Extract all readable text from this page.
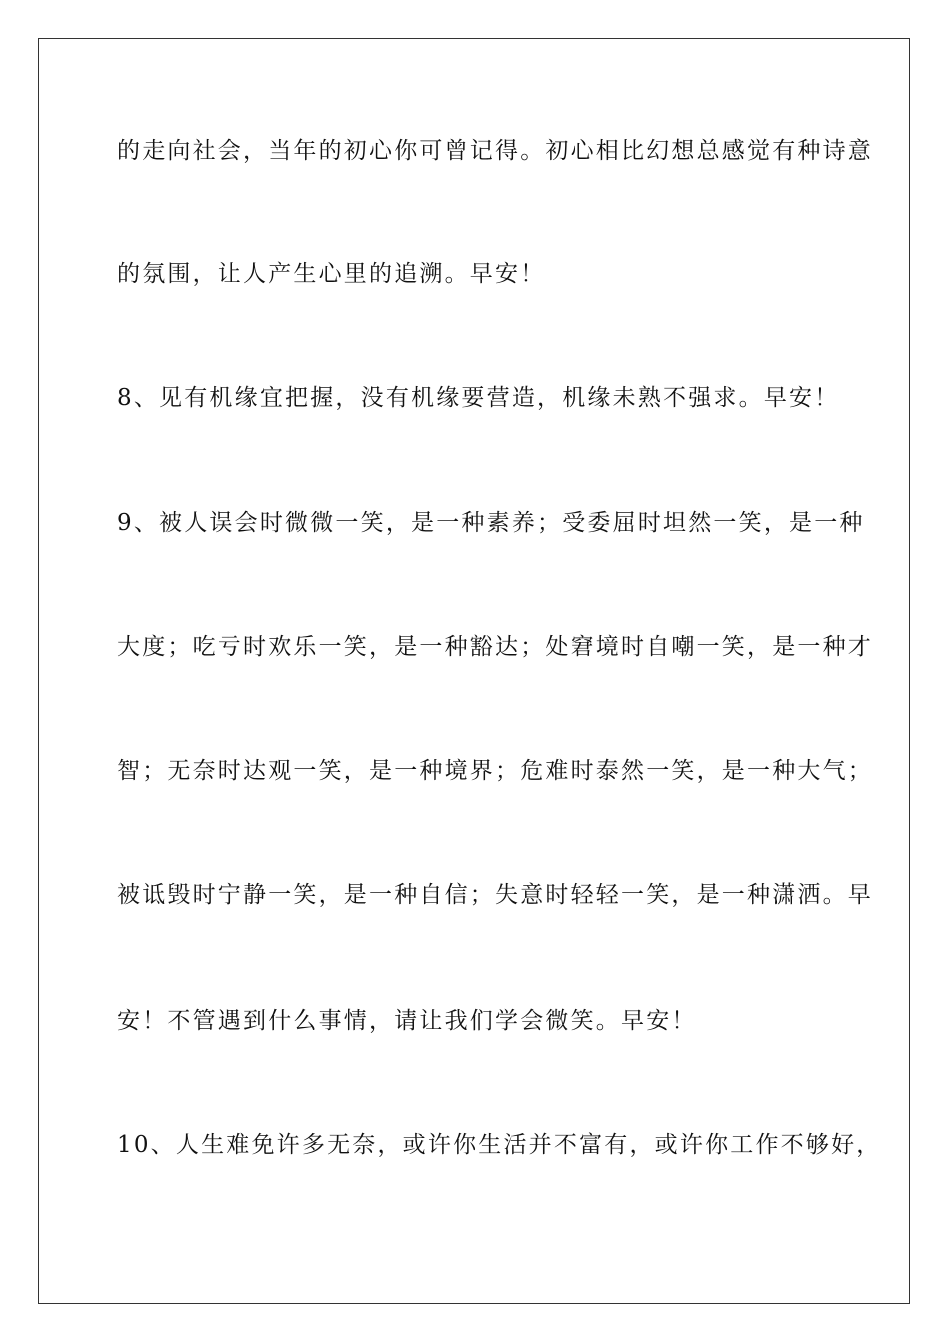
的走向社会，当年的初心你可曾记得。初心相比幻想总感觉有种诗意
的氛围，让人产生心里的追溯。早安！
8、见有机缘宜把握，没有机缘要营造，机缘未熟不强求。早安！
9、被人误会时微微一笑，是一种素养；受委屈时坦然一笑，是一种
大度；吃亏时欢乐一笑，是一种豁达；处窘境时自嘲一笑，是一种才
智；无奈时达观一笑，是一种境界；危难时泰然一笑，是一种大气；
被诋毁时宁静一笑，是一种自信；失意时轻轻一笑，是一种潇洒。早
安！不管遇到什么事情，请让我们学会微笑。早安！
10、人生难免许多无奈，或许你生活并不富有，或许你工作不够好，
